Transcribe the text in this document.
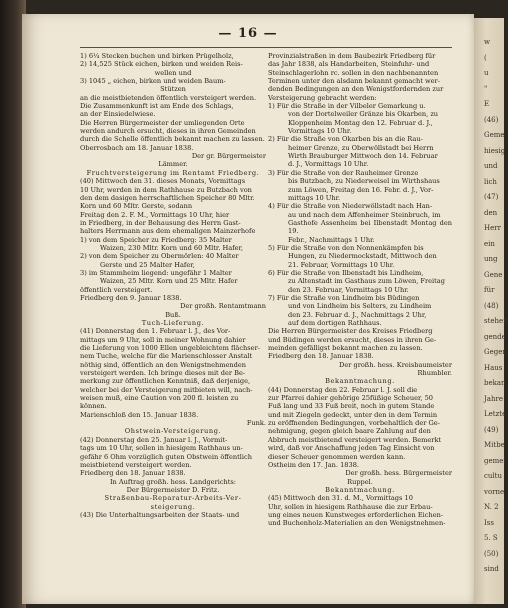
— 16 —
1) 6¼ Stecken buchen und birken Prügelholz,
2) 14,525 Stück eichen, birken und weiden Reis-
wellen und
3) 1045 „ eichen, birken und weiden Baum-
Stützen
an die meistbietenden öffentlich versteigert werden.
Die Zusammenkunft ist am Ende des Schlags,
an der Einsiedelwiese.
Die Herren Bürgermeister der umliegenden Orte
werden andurch ersucht, dieses in ihren Gemeinden
durch die Schelle öffentlich bekannt machen zu lassen.
Oberrosbach am 18. Januar 1838.
Der gr. Bürgermeister
Lämmer.
Fruchtversteigerung im Rentamt Friedberg.
(40) Mittwoch den 31. dieses Monats, Vormittags
10 Uhr, werden in dem Rathhause zu Butzbach von
den dem dasigen herrschaftlichen Speicher 80 Mltr.
Korn und 60 Mltr. Gerste, sodann
Freitag den 2. F. M., Vormittags 10 Uhr, hier
in Friedberg, in der Behausung des Herrn Gast-
halters Herrmann aus dem ehemaligen Mainzerhofe
1) von dem Speicher zu Friedberg: 35 Malter
Waizen, 230 Mltr. Korn und 60 Mltr. Hafer,
2) von dem Speicher zu Obermörlen: 40 Malter
Gerste und 25 Malter Hafer,
3) im Stammheim liegend: ungefähr 1 Malter
Waizen, 25 Mltr. Korn und 25 Mltr. Hafer
öffentlich versteigert.
Friedberg den 9. Januar 1838.
Der großh. Rentamtmann
Buß.
Tuch-Lieferung.
(41) Donnerstag den 1. Februar l. J., des Vor-
mittags um 9 Uhr, soll in meiner Wohnung dahier
die Lieferung von 1000 Ellen ungebleichtem flächser-
nem Tuche, welche für die Marienschlosser Anstalt
nöthig sind, öffentlich an den Wenigstnehmenden
versteigert werden. Ich bringe dieses mit der Be-
merkung zur öffentlichen Kenntniß, daß derjenige,
welcher bei der Versteigerung mitbieten will, nach-
weisen muß, eine Caution von 200 fl. leisten zu
können.
Marienschloß den 15. Januar 1838.
Funk.
Ohstwein-Versteigerung.
(42) Donnerstag den 25. Januar l. J., Vormit-
tags um 10 Uhr, sollen in hiesigem Rathhaus un-
gefähr 6 Ohm vorzüglich guten Obstwein öffentlich
meistbietend versteigert werden.
Friedberg den 18. Januar 1838.
In Auftrag großh. hess. Landgerichts:
Der Bürgermeister D. Fritz.
Straßenbau-Reparatur-Arbeits-Ver-
steigerung.
(43) Die Unterhaltungsarbeiten der Staats- und
Provinzialstraßen in dem Baubezirk Friedberg für
das Jahr 1838, als Handarbeiten, Steinfuhr- und
Steinschlagerlohn rc. sollen in den nachbenannten
Terminen unter den alsdann bekannt gemacht wer-
denden Bedingungen an den Wenigstfordernden zur
Versteigerung gebracht werden:
1) Für die Straße in der Vilbeler Gemarkung u.
von der Dortelweiler Gränze bis Okarben, zu
Kloppenheim Montag den 12. Februar d. J.,
Vormittags 10 Uhr.
2) Für die Straße von Okarben bis an die Rau-
heimer Grenze, zu Oberwöllstadt bei Herrn
Wirth Brauburger Mittwoch den 14. Februar
d. J., Vormittags 10 Uhr.
3) Für die Straße von der Rauheimer Grenze
bis Butzbach, zu Niederweisel im Wirthshaus
zum Löwen, Freitag den 16. Febr. d. J., Vor-
mittags 10 Uhr.
4) Für die Straße von Niederwöllstadt nach Han-
au und nach dem Affenheimer Steinbruch, im
Gasthofe Assenheim bei Ilbenstadt Montag den 19.
Febr., Nachmittags 1 Uhr.
5) Für die Straße von den Nonnenkämpfen bis
Hungen, zu Niedermockstadt, Mittwoch den
21. Februar, Vormittags 10 Uhr.
6) Für die Straße von Ilbenstadt bis Lindheim,
zu Altenstadt im Gasthaus zum Löwen, Freitag
den 23. Februar, Vormittags 10 Uhr.
7) Für die Straße von Lindheim bis Büdingen
und von Lindheim bis Selters, zu Lindheim
den 23. Februar d. J., Nachmittags 2 Uhr,
auf dem dortigen Rathhaus.
Die Herren Bürgermeister des Kreises Friedberg
und Büdingen werden ersucht, dieses in ihren Ge-
meinden gefälligst bekannt machen zu lassen.
Friedberg den 18. Januar 1838.
Der großh. hess. Kreisbaumeister
Rhumbler.
Bekanntmachung.
(44) Donnerstag den 22. Februar l. J. soll die
zur Pfarrei dahier gehörige 25füßige Scheuer, 50
Fuß lang und 33 Fuß breit, noch in gutem Stande
und mit Ziegeln gedeckt, unter den in dem Termin
zu eröffnenden Bedingungen, vorbehaltlich der Ge-
nehmigung, gegen gleich baare Zahlung auf den
Abbruch meistbietend versteigert werden. Bemerkt
wird, daß vor Anschaffung jeden Tag Einsicht von
dieser Scheuer genommen werden kann.
Ostheim den 17. Jan. 1838.
Der großh. hess. Bürgermeister
Ruppel.
Bekanntmachung.
(45) Mittwoch den 31. d. M., Vormittags 10
Uhr, sollen in hiesigem Rathhause die zur Erbau-
ung eines neuen Kunstweges erforderlichen Eichen-
und Buchenholz-Materialien an den Wenigstnehmen-
w
(
u
"
E
(46)
Gemei
hiesig
und
lich
(47)
den
Herr
ein
ung
Gene
für
(48)
stehen
gende
Gegen
Haus
bekan
Jahre
Letzte
(49)
Mitbe
gemei
cultu
vorne
N. 2
Iss
5. S
(50)
sind
